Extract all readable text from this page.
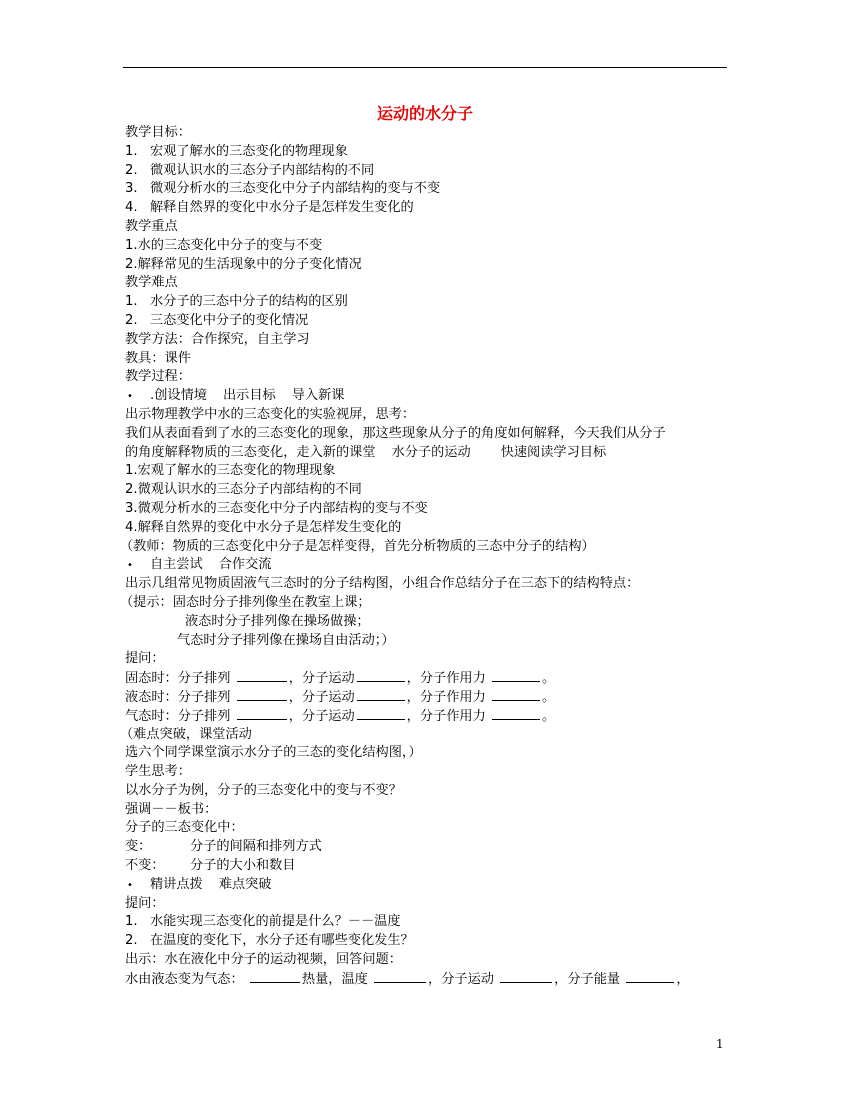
运动的水分子
教学目标：
1. 宏观了解水的三态变化的物理现象
2. 微观认识水的三态分子内部结构的不同
3. 微观分析水的三态变化中分子内部结构的变与不变
4. 解释自然界的变化中水分子是怎样发生变化的
教学重点
1.水的三态变化中分子的变与不变
2.解释常见的生活现象中的分子变化情况
教学难点
1. 水分子的三态中分子的结构的区别
2. 三态变化中分子的变化情况
教学方法：合作探究，自主学习
教具：课件
教学过程：
• .创设情境 出示目标 导入新课
出示物理教学中水的三态变化的实验视屏，思考：
我们从表面看到了水的三态变化的现象，那这些现象从分子的角度如何解释，今天我们从分子
的角度解释物质的三态变化，走入新的课堂 水分子的运动 快速阅读学习目标
1.宏观了解水的三态变化的物理现象
2.微观认识水的三态分子内部结构的不同
3.微观分析水的三态变化中分子内部结构的变与不变
4.解释自然界的变化中水分子是怎样发生变化的
（教师：物质的三态变化中分子是怎样变得，首先分析物质的三态中分子的结构）
• 自主尝试 合作交流
出示几组常见物质固液气三态时的分子结构图，小组合作总结分子在三态下的结构特点：
（提示：固态时分子排列像坐在教室上课；
液态时分子排列像在操场做操；
气态时分子排列像在操场自由活动；）
提问：
固态时：分子排列	，分子运动	，分子作用力	。
液态时：分子排列	，分子运动	，分子作用力	。
气态时：分子排列	，分子运动	，分子作用力	。
（难点突破，课堂活动
选六个同学课堂演示水分子的三态的变化结构图，）
学生思考：
以水分子为例，分子的三态变化中的变与不变？
强调－－板书：
分子的三态变化中：
变：	分子的间隔和排列方式
不变： 分子的大小和数目
• 精讲点拨 难点突破
提问：
1. 水能实现三态变化的前提是什么？－－温度
2. 在温度的变化下，水分子还有哪些变化发生？
出示：水在液化中分子的运动视频，回答问题：
水由液态变为气态：	热量，温度	，分子运动	，分子能量	，
1
